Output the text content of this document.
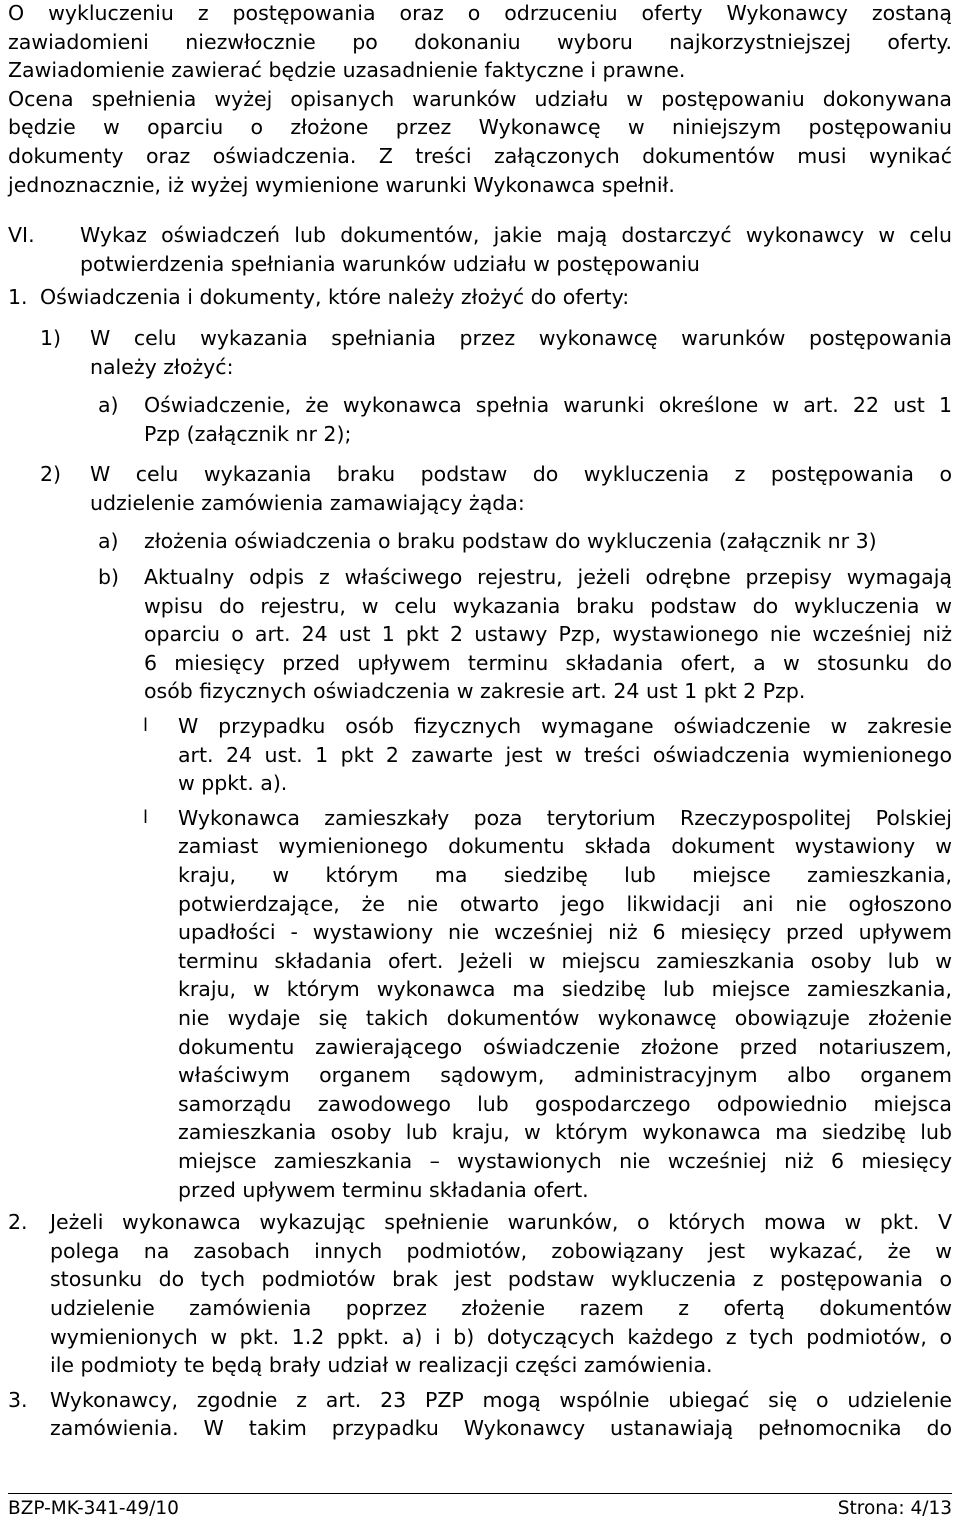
O wykluczeniu z postępowania oraz o odrzuceniu oferty Wykonawcy zostaną
zawiadomieni niezwłocznie po dokonaniu wyboru najkorzystniejszej oferty.
Zawiadomienie zawierać będzie uzasadnienie faktyczne i prawne.
Ocena spełnienia wyżej opisanych warunków udziału w postępowaniu dokonywana
będzie w oparciu o złożone przez Wykonawcę w niniejszym postępowaniu
dokumenty oraz oświadczenia. Z treści załączonych dokumentów musi wynikać
jednoznacznie, iż wyżej wymienione warunki Wykonawca spełnił.
VI. Wykaz oświadczeń lub dokumentów, jakie mają dostarczyć wykonawcy w celu
potwierdzenia spełniania warunków udziału w postępowaniu
1. Oświadczenia i dokumenty, które należy złożyć do oferty:
1) W celu wykazania spełniania przez wykonawcę warunków postępowania
należy złożyć:
a) Oświadczenie, że wykonawca spełnia warunki określone w art. 22 ust 1
Pzp (załącznik nr 2);
2) W celu wykazania braku podstaw do wykluczenia z postępowania o
udzielenie zamówienia zamawiający żąda:
a) złożenia oświadczenia o braku podstaw do wykluczenia (załącznik nr 3)
b) Aktualny odpis z właściwego rejestru, jeżeli odrębne przepisy wymagają
wpisu do rejestru, w celu wykazania braku podstaw do wykluczenia w
oparciu o art. 24 ust 1 pkt 2 ustawy Pzp, wystawionego nie wcześniej niż
6 miesięcy przed upływem terminu składania ofert, a w stosunku do
osób fizycznych oświadczenia w zakresie art. 24 ust 1 pkt 2 Pzp.
l W przypadku osób fizycznych wymagane oświadczenie w zakresie
art. 24 ust. 1 pkt 2 zawarte jest w treści oświadczenia wymienionego
w ppkt. a).
l Wykonawca zamieszkały poza terytorium Rzeczypospolitej Polskiej
zamiast wymienionego dokumentu składa dokument wystawiony w
kraju, w którym ma siedzibę lub miejsce zamieszkania,
potwierdzające, że nie otwarto jego likwidacji ani nie ogłoszono
upadłości - wystawiony nie wcześniej niż 6 miesięcy przed upływem
terminu składania ofert. Jeżeli w miejscu zamieszkania osoby lub w
kraju, w którym wykonawca ma siedzibę lub miejsce zamieszkania,
nie wydaje się takich dokumentów wykonawcę obowiązuje złożenie
dokumentu zawierającego oświadczenie złożone przed notariuszem,
właściwym organem sądowym, administracyjnym albo organem
samorządu zawodowego lub gospodarczego odpowiednio miejsca
zamieszkania osoby lub kraju, w którym wykonawca ma siedzibę lub
miejsce zamieszkania – wystawionych nie wcześniej niż 6 miesięcy
przed upływem terminu składania ofert.
2. Jeżeli wykonawca wykazując spełnienie warunków, o których mowa w pkt. V
polega na zasobach innych podmiotów, zobowiązany jest wykazać, że w
stosunku do tych podmiotów brak jest podstaw wykluczenia z postępowania o
udzielenie zamówienia poprzez złożenie razem z ofertą dokumentów
wymienionych w pkt. 1.2 ppkt. a) i b) dotyczących każdego z tych podmiotów, o
ile podmioty te będą brały udział w realizacji części zamówienia.
3. Wykonawcy, zgodnie z art. 23 PZP mogą wspólnie ubiegać się o udzielenie
zamówienia. W takim przypadku Wykonawcy ustanawiają pełnomocnika do
BZP-MK-341-49/10	Strona: 4/13
